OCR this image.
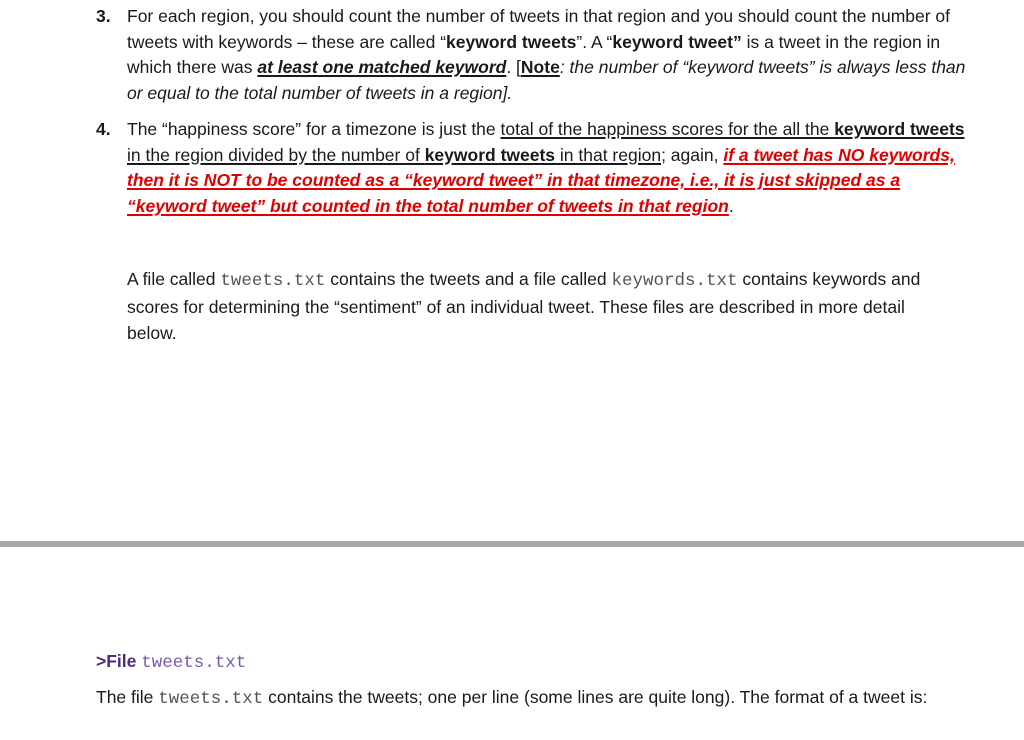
3. For each region, you should count the number of tweets in that region and you should count the number of tweets with keywords – these are called “keyword tweets”. A “keyword tweet” is a tweet in the region in which there was at least one matched keyword. [Note: the number of “keyword tweets” is always less than or equal to the total number of tweets in a region].
4. The “happiness score” for a timezone is just the total of the happiness scores for the all the keyword tweets in the region divided by the number of keyword tweets in that region; again, if a tweet has NO keywords, then it is NOT to be counted as a “keyword tweet” in that timezone, i.e., it is just skipped as a “keyword tweet” but counted in the total number of tweets in that region.
A file called tweets.txt contains the tweets and a file called keywords.txt contains keywords and scores for determining the “sentiment” of an individual tweet. These files are described in more detail below.
>File tweets.txt
The file tweets.txt contains the tweets; one per line (some lines are quite long). The format of a tweet is:
